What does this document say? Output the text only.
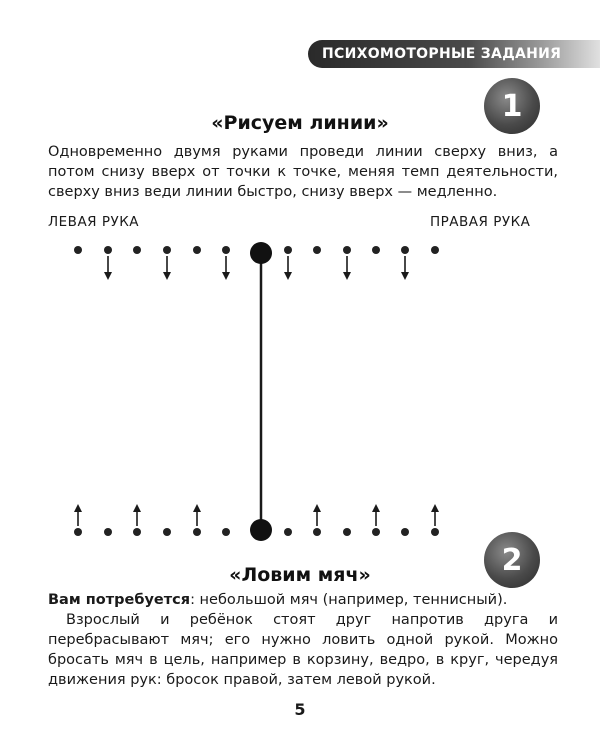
ПСИХОМОТОРНЫЕ ЗАДАНИЯ
1
«Рисуем линии»
Одновременно двумя руками проведи линии сверху вниз, а потом снизу вверх от точки к точке, меняя темп деятельности, сверху вниз веди линии быстро, снизу вверх — медленно.
ЛЕВАЯ РУКА	ПРАВАЯ РУКА
2
«Ловим мяч»
Вам потребуется: небольшой мяч (например, теннисный).
Взрослый и ребёнок стоят друг напротив друга и перебрасывают мяч; его нужно ловить одной рукой. Можно бросать мяч в цель, например в корзину, ведро, в круг, чередуя движения рук: бросок правой, затем левой рукой.
5
